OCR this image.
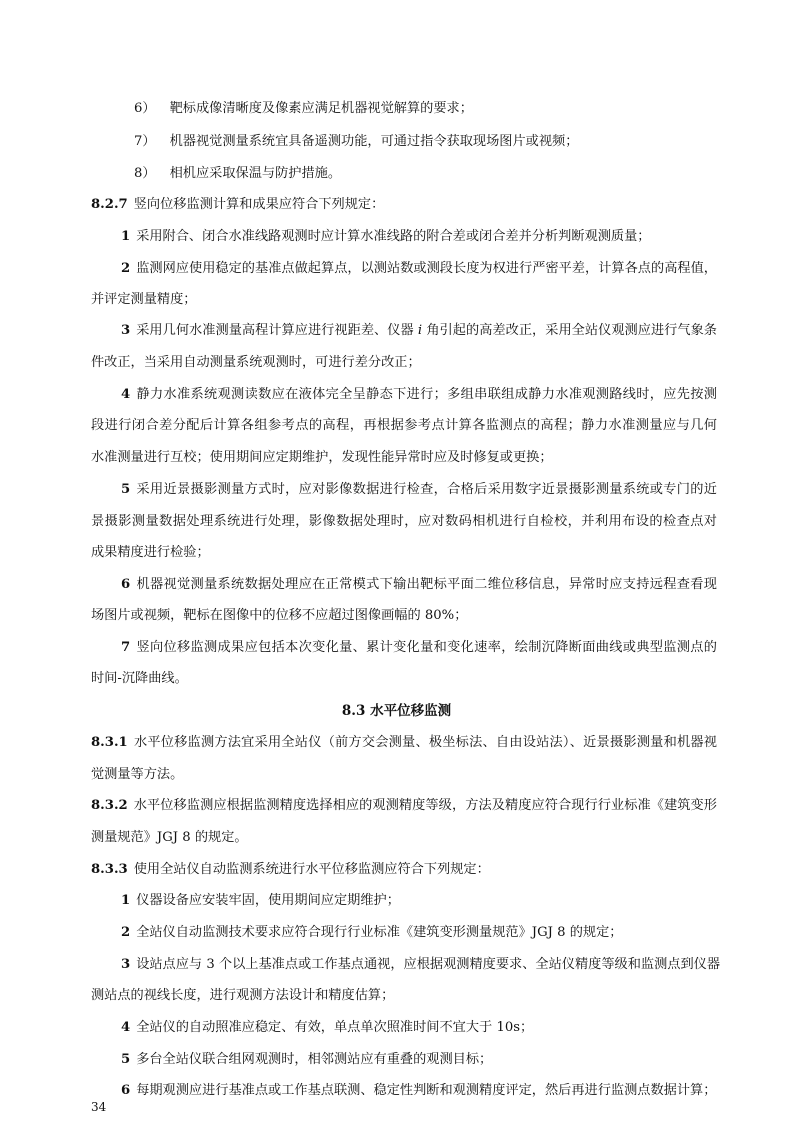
6） 靶标成像清晰度及像素应满足机器视觉解算的要求；

7） 机器视觉测量系统宜具备遥测功能，可通过指令获取现场图片或视频；

8） 相机应采取保温与防护措施。

8.2.7 竖向位移监测计算和成果应符合下列规定：

1 采用附合、闭合水准线路观测时应计算水准线路的附合差或闭合差并分析判断观测质量；

2 监测网应使用稳定的基准点做起算点，以测站数或测段长度为权进行严密平差，计算各点的高程值，

并评定测量精度；

3 采用几何水准测量高程计算应进行视距差、仪器 i 角引起的高差改正，采用全站仪观测应进行气象条

件改正，当采用自动测量系统观测时，可进行差分改正；

4 静力水准系统观测读数应在液体完全呈静态下进行；多组串联组成静力水准观测路线时，应先按测

段进行闭合差分配后计算各组参考点的高程，再根据参考点计算各监测点的高程；静力水准测量应与几何

水准测量进行互校；使用期间应定期维护，发现性能异常时应及时修复或更换；

5 采用近景摄影测量方式时，应对影像数据进行检查，合格后采用数字近景摄影测量系统或专门的近

景摄影测量数据处理系统进行处理，影像数据处理时，应对数码相机进行自检校，并利用布设的检查点对

成果精度进行检验；

6 机器视觉测量系统数据处理应在正常模式下输出靶标平面二维位移信息，异常时应支持远程查看现

场图片或视频，靶标在图像中的位移不应超过图像画幅的 80%；

7 竖向位移监测成果应包括本次变化量、累计变化量和变化速率，绘制沉降断面曲线或典型监测点的

时间-沉降曲线。

8.3 水平位移监测

8.3.1 水平位移监测方法宜采用全站仪（前方交会测量、极坐标法、自由设站法）、近景摄影测量和机器视

觉测量等方法。

8.3.2 水平位移监测应根据监测精度选择相应的观测精度等级，方法及精度应符合现行行业标准《建筑变形

测量规范》JGJ 8 的规定。

8.3.3 使用全站仪自动监测系统进行水平位移监测应符合下列规定：

1 仪器设备应安装牢固，使用期间应定期维护；

2 全站仪自动监测技术要求应符合现行行业标准《建筑变形测量规范》JGJ 8 的规定；

3 设站点应与 3 个以上基准点或工作基点通视，应根据观测精度要求、全站仪精度等级和监测点到仪器

测站点的视线长度，进行观测方法设计和精度估算；

4 全站仪的自动照准应稳定、有效，单点单次照准时间不宜大于 10s；

5 多台全站仪联合组网观测时，相邻测站应有重叠的观测目标；

6 每期观测应进行基准点或工作基点联测、稳定性判断和观测精度评定，然后再进行监测点数据计算；

34
